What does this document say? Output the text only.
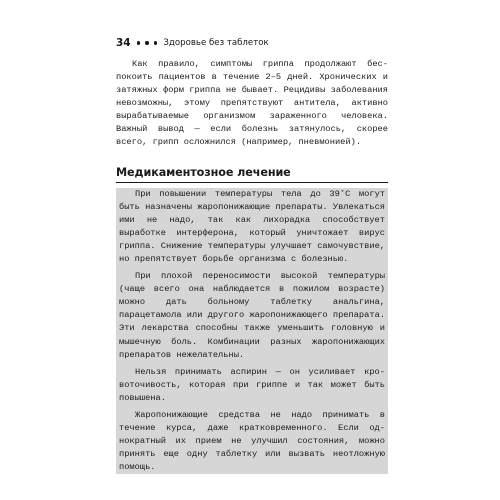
34	Здоровье без таблеток

Как правило, симптомы гриппа продолжают беспокоить пациентов в течение 2–5 дней. Хронических и затяжных форм гриппа не бывает. Рецидивы заболевания невозможны, этому препятствуют антитела, активно вырабатываемые организмом зараженного человека. Важный вывод — если болезнь затянулось, скорее всего, грипп осложнился (например, пневмонией).

Медикаментозное лечение

При повышении температуры тела до 39˚С могут быть назначены жаропонижающие препараты. Увлекаться ими не надо, так как лихорадка способствует выработке интерферона, который уничтожает вирус гриппа. Снижение температуры улучшает самочувствие, но препятствует борьбе организма с болезнью.

При плохой переносимости высокой температуры (чаще всего она наблюдается в пожилом возрасте) можно дать больному таблетку анальгина, парацетамола или другого жаропонижающего препарата. Эти лекарства способны также уменьшить головную и мышечную боль. Комбинации разных жаропонижающих препаратов нежелательны.

Нельзя принимать аспирин — он усиливает кровоточивость, которая при гриппе и так может быть повышена.

Жаропонижающие средства не надо принимать в течение курса, даже кратковременного. Если однократный их прием не улучшил состояния, можно принять еще одну таблетку или вызвать неотложную помощь.
